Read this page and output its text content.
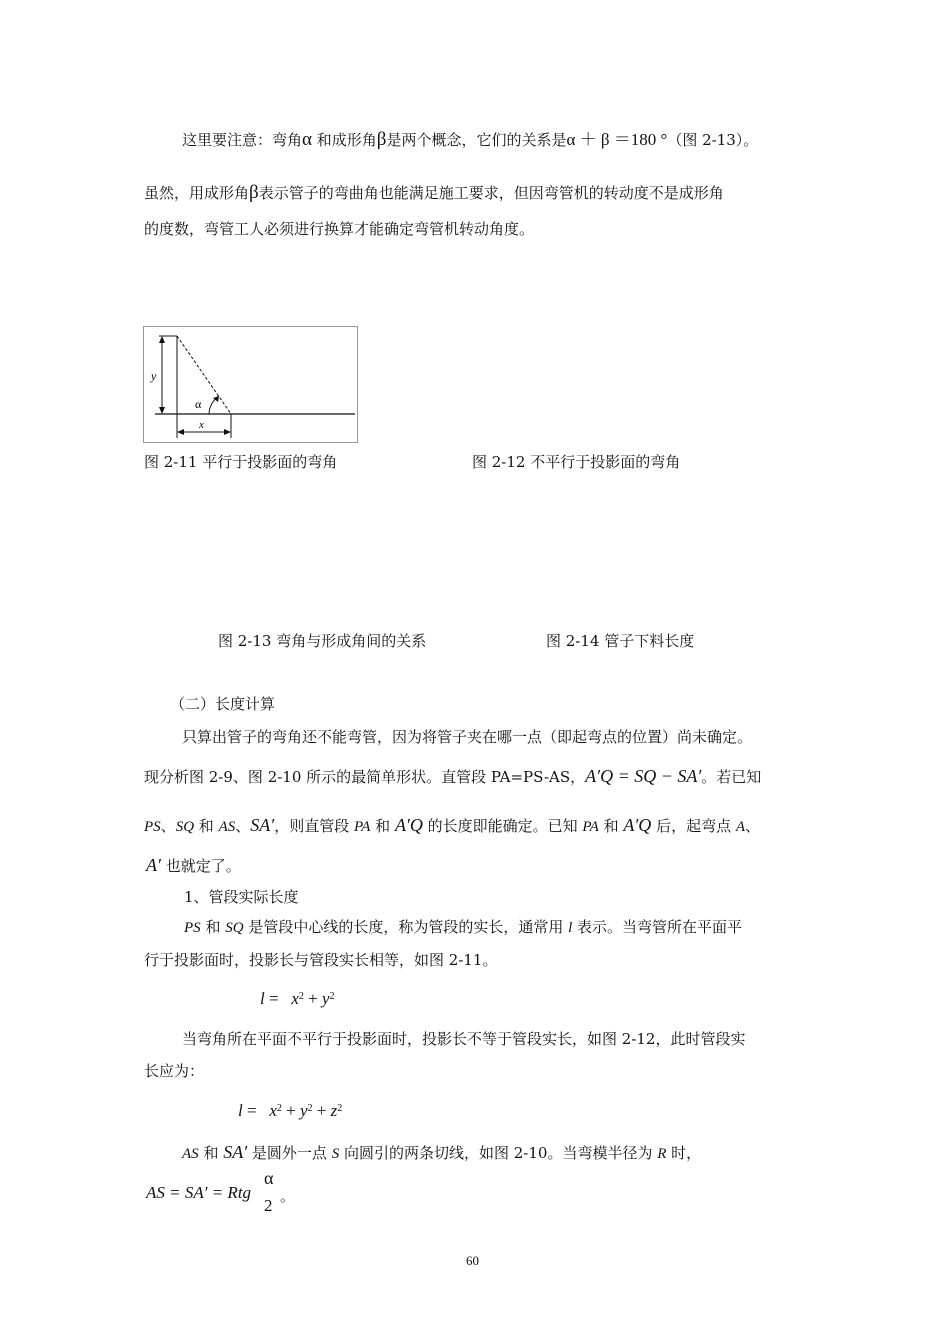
这里要注意：弯角α 和成形角β是两个概念，它们的关系是α ＋ β ＝180 °（图 2-13）。

虽然，用成形角β表示管子的弯曲角也能满足施工要求，但因弯管机的转动度不是成形角

的度数，弯管工人必须进行换算才能确定弯管机转动角度。

y
x
α

图 2-11 平行于投影面的弯角	图 2-12 不平行于投影面的弯角

图 2-13 弯角与形成角间的关系	图 2-14 管子下料长度

（二）长度计算

只算出管子的弯角还不能弯管，因为将管子夹在哪一点（即起弯点的位置）尚未确定。

现分析图 2-9、图 2-10 所示的最简单形状。直管段 PA=PS-AS，A′Q = SQ − SA′。若已知

PS、SQ 和 AS、SA′，则直管段 PA 和 A′Q 的长度即能确定。已知 PA 和 A′Q 后，起弯点 A、

A′ 也就定了。

1、管段实际长度

PS 和 SQ 是管段中心线的长度，称为管段的实长，通常用 l 表示。当弯管所在平面平

行于投影面时，投影长与管段实长相等，如图 2-11。

$l = x^2 + y^2$

当弯角所在平面不平行于投影面时，投影长不等于管段实长，如图 2-12，此时管段实

长应为：

$l = x^2 + y^2 + z^2$

AS 和 SA′ 是圆外一点 S 向圆引的两条切线，如图 2-10。当弯模半径为 R 时，

AS = SA′ = Rtg
α
2 。

60
